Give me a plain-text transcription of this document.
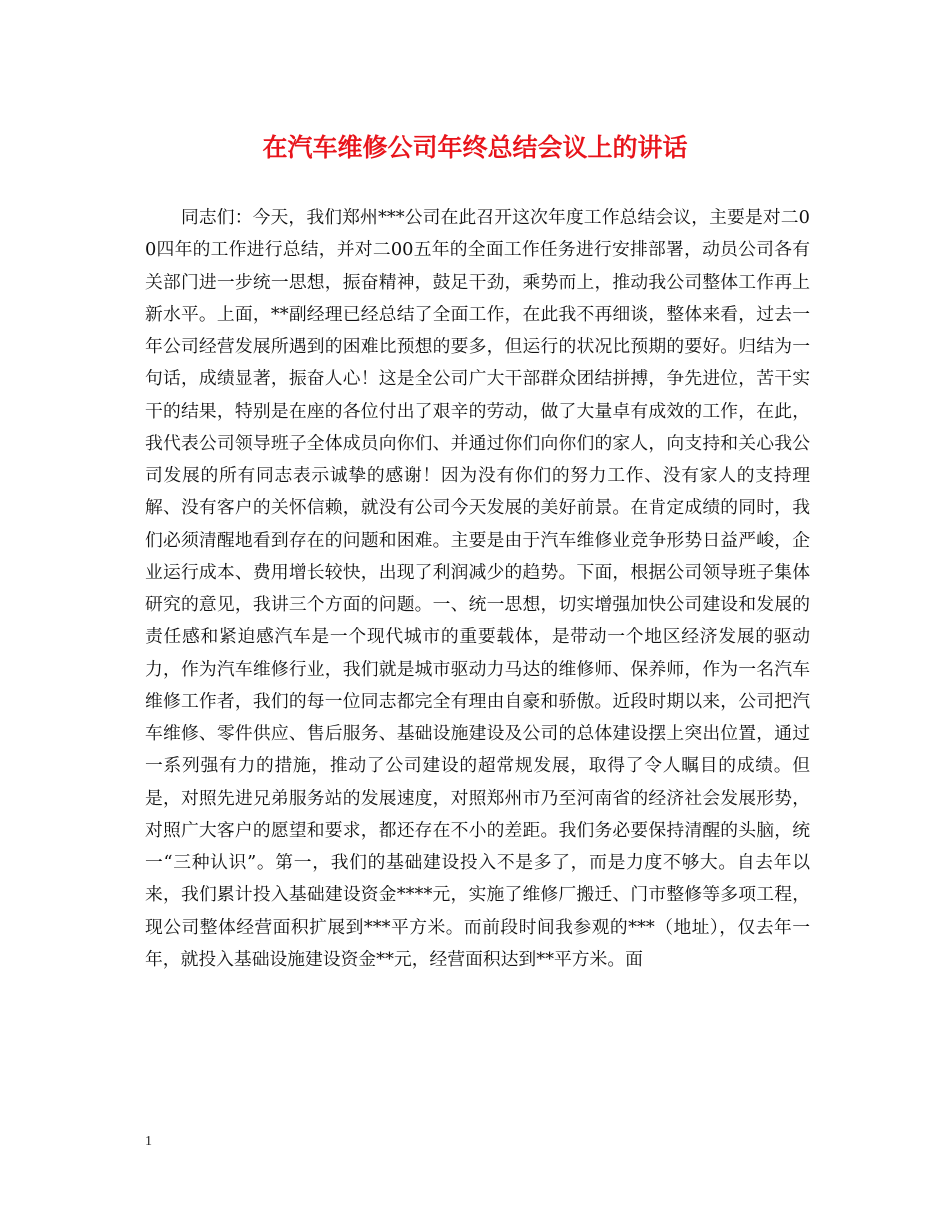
在汽车维修公司年终总结会议上的讲话

同志们：今天，我们郑州***公司在此召开这次年度工作总结会议，主要是对二00四年的工作进行总结，并对二00五年的全面工作任务进行安排部署，动员公司各有关部门进一步统一思想，振奋精神，鼓足干劲，乘势而上，推动我公司整体工作再上新水平。上面，**副经理已经总结了全面工作，在此我不再细谈，整体来看，过去一年公司经营发展所遇到的困难比预想的要多，但运行的状况比预期的要好。归结为一句话，成绩显著，振奋人心！这是全公司广大干部群众团结拼搏，争先进位，苦干实干的结果，特别是在座的各位付出了艰辛的劳动，做了大量卓有成效的工作，在此，我代表公司领导班子全体成员向你们、并通过你们向你们的家人，向支持和关心我公司发展的所有同志表示诚挚的感谢！因为没有你们的努力工作、没有家人的支持理解、没有客户的关怀信赖，就没有公司今天发展的美好前景。在肯定成绩的同时，我们必须清醒地看到存在的问题和困难。主要是由于汽车维修业竞争形势日益严峻，企业运行成本、费用增长较快，出现了利润减少的趋势。下面，根据公司领导班子集体研究的意见，我讲三个方面的问题。一、统一思想，切实增强加快公司建设和发展的责任感和紧迫感汽车是一个现代城市的重要载体，是带动一个地区经济发展的驱动力，作为汽车维修行业，我们就是城市驱动力马达的维修师、保养师，作为一名汽车维修工作者，我们的每一位同志都完全有理由自豪和骄傲。近段时期以来，公司把汽车维修、零件供应、售后服务、基础设施建设及公司的总体建设摆上突出位置，通过一系列强有力的措施，推动了公司建设的超常规发展，取得了令人瞩目的成绩。但是，对照先进兄弟服务站的发展速度，对照郑州市乃至河南省的经济社会发展形势，对照广大客户的愿望和要求，都还存在不小的差距。我们务必要保持清醒的头脑，统一“三种认识”。第一，我们的基础建设投入不是多了，而是力度不够大。自去年以来，我们累计投入基础建设资金****元，实施了维修厂搬迁、门市整修等多项工程，现公司整体经营面积扩展到***平方米。而前段时间我参观的***（地址），仅去年一年，就投入基础设施建设资金**元，经营面积达到**平方米。面

1
